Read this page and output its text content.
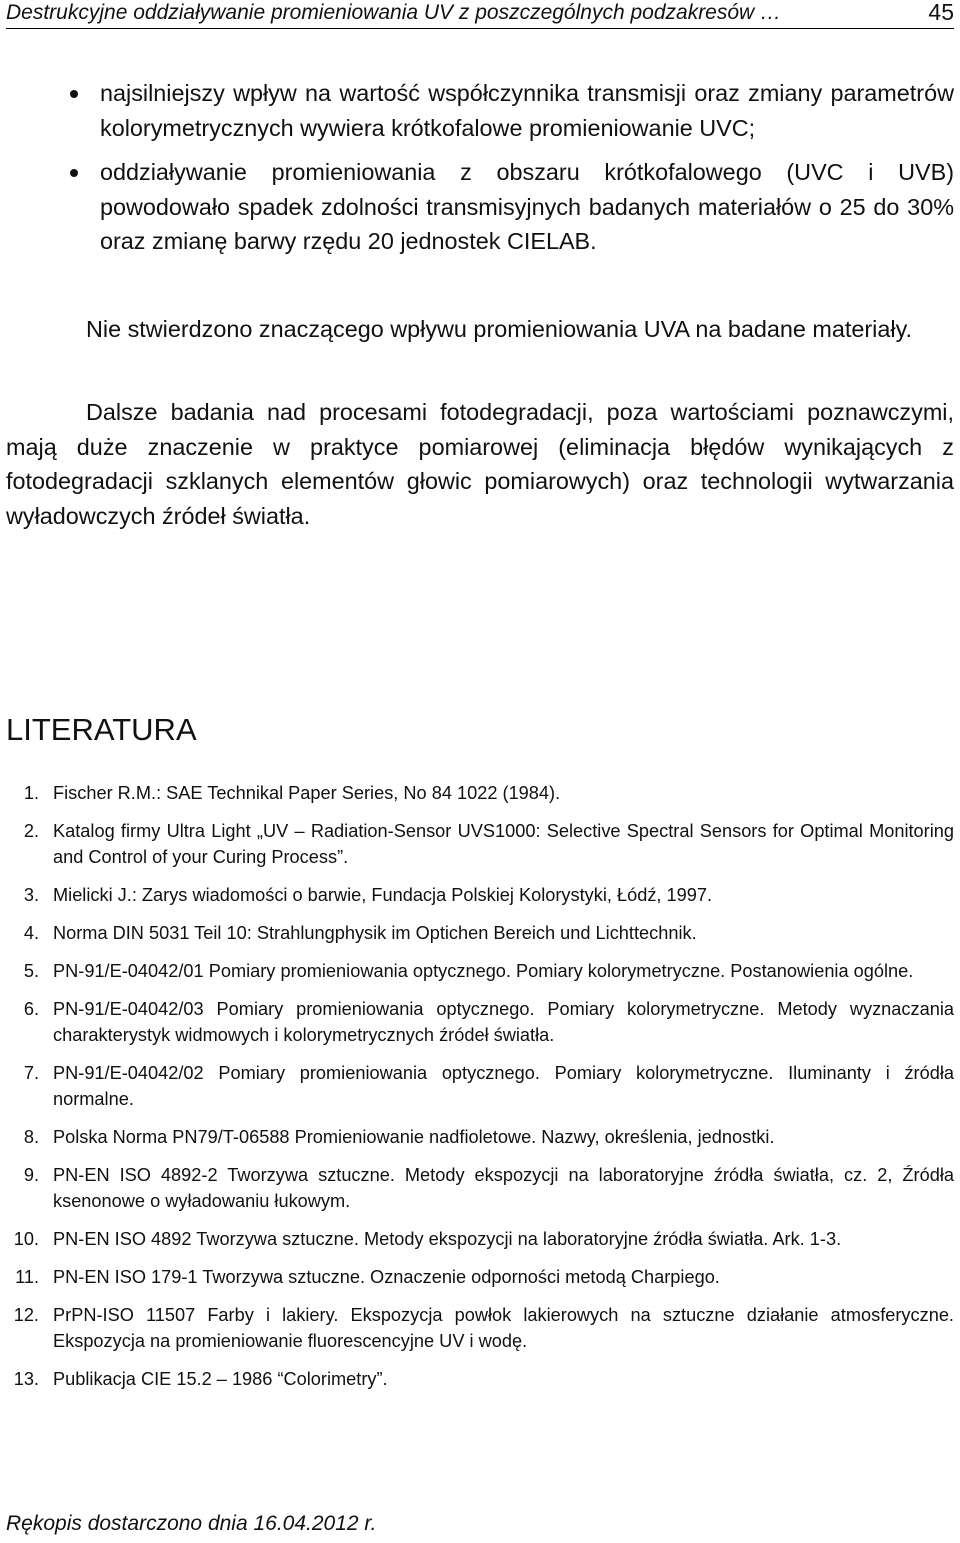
Destrukcyjne oddziaływanie promieniowania UV z poszczególnych podzakresów …	45
najsilniejszy wpływ na wartość współczynnika transmisji oraz zmiany parametrów kolorymetrycznych wywiera krótkofalowe promieniowanie UVC;
oddziaływanie promieniowania z obszaru krótkofalowego (UVC i UVB) powodowało spadek zdolności transmisyjnych badanych materiałów o 25 do 30% oraz zmianę barwy rzędu 20 jednostek CIELAB.

Nie stwierdzono znaczącego wpływu promieniowania UVA na badane materiały.

Dalsze badania nad procesami fotodegradacji, poza wartościami poznawczymi, mają duże znaczenie w praktyce pomiarowej (eliminacja błędów wynikających z fotodegradacji szklanych elementów głowic pomiarowych) oraz technologii wytwarzania wyładowczych źródeł światła.

LITERATURA
1. Fischer R.M.: SAE Technikal Paper Series, No 84 1022 (1984).
2. Katalog firmy Ultra Light „UV – Radiation-Sensor UVS1000: Selective Spectral Sensors for Optimal Monitoring and Control of your Curing Process”.
3. Mielicki J.: Zarys wiadomości o barwie, Fundacja Polskiej Kolorystyki, Łódź, 1997.
4. Norma DIN 5031 Teil 10: Strahlungphysik im Optichen Bereich und Lichttechnik.
5. PN-91/E-04042/01 Pomiary promieniowania optycznego. Pomiary kolorymetryczne. Postanowienia ogólne.
6. PN-91/E-04042/03 Pomiary promieniowania optycznego. Pomiary kolorymetryczne. Metody wyznaczania charakterystyk widmowych i kolorymetrycznych źródeł światła.
7. PN-91/E-04042/02 Pomiary promieniowania optycznego. Pomiary kolorymetryczne. Iluminanty i źródła normalne.
8. Polska Norma PN79/T-06588 Promieniowanie nadfioletowe. Nazwy, określenia, jednostki.
9. PN-EN ISO 4892-2 Tworzywa sztuczne. Metody ekspozycji na laboratoryjne źródła światła, cz. 2, Źródła ksenonowe o wyładowaniu łukowym.
10. PN-EN ISO 4892 Tworzywa sztuczne. Metody ekspozycji na laboratoryjne źródła światła. Ark. 1-3.
11. PN-EN ISO 179-1 Tworzywa sztuczne. Oznaczenie odporności metodą Charpiego.
12. PrPN-ISO 11507 Farby i lakiery. Ekspozycja powłok lakierowych na sztuczne działanie atmosferyczne. Ekspozycja na promieniowanie fluorescencyjne UV i wodę.
13. Publikacja CIE 15.2 – 1986 “Colorimetry”.

Rękopis dostarczono dnia 16.04.2012 r.
